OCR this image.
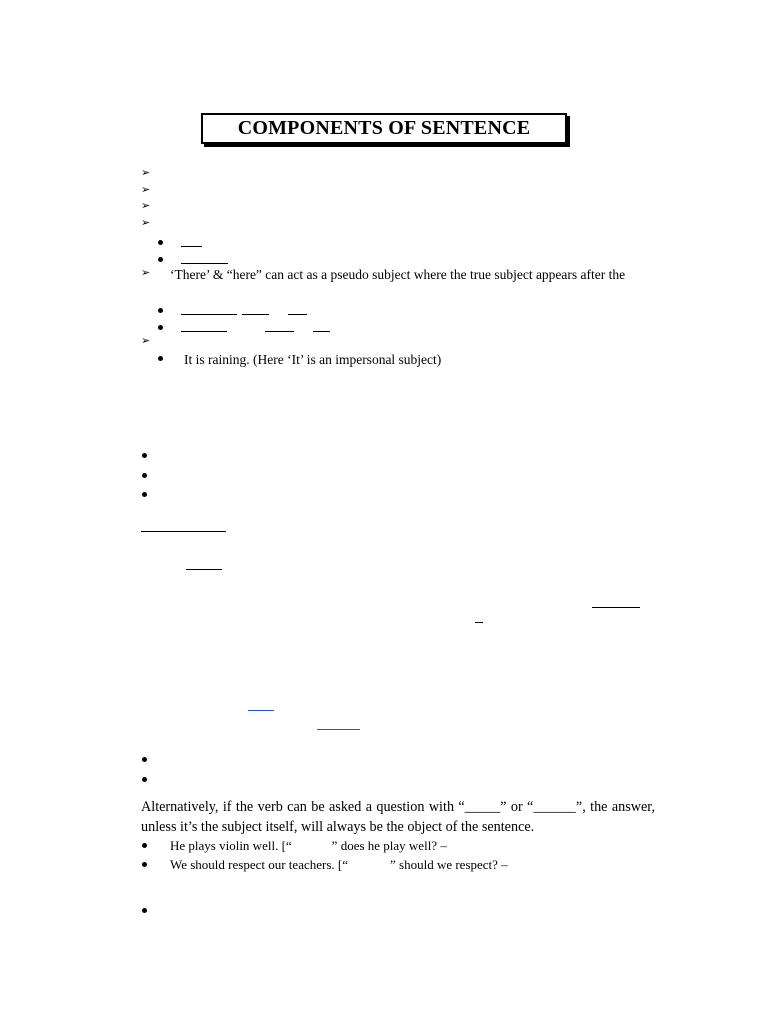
COMPONENTS OF SENTENCE
➢
➢
➢
➢
➢ ‘There’ & “here” can act as a pseudo subject where the true subject appears after the
➢
It is raining. (Here ‘It’ is an impersonal subject)
Alternatively, if the verb can be asked a question with “_____” or “______”, the answer, unless it’s the subject itself, will always be the object of the sentence.
He plays violin well. [“	” does he play well? –
We should respect our teachers. [“	” should we respect? –
